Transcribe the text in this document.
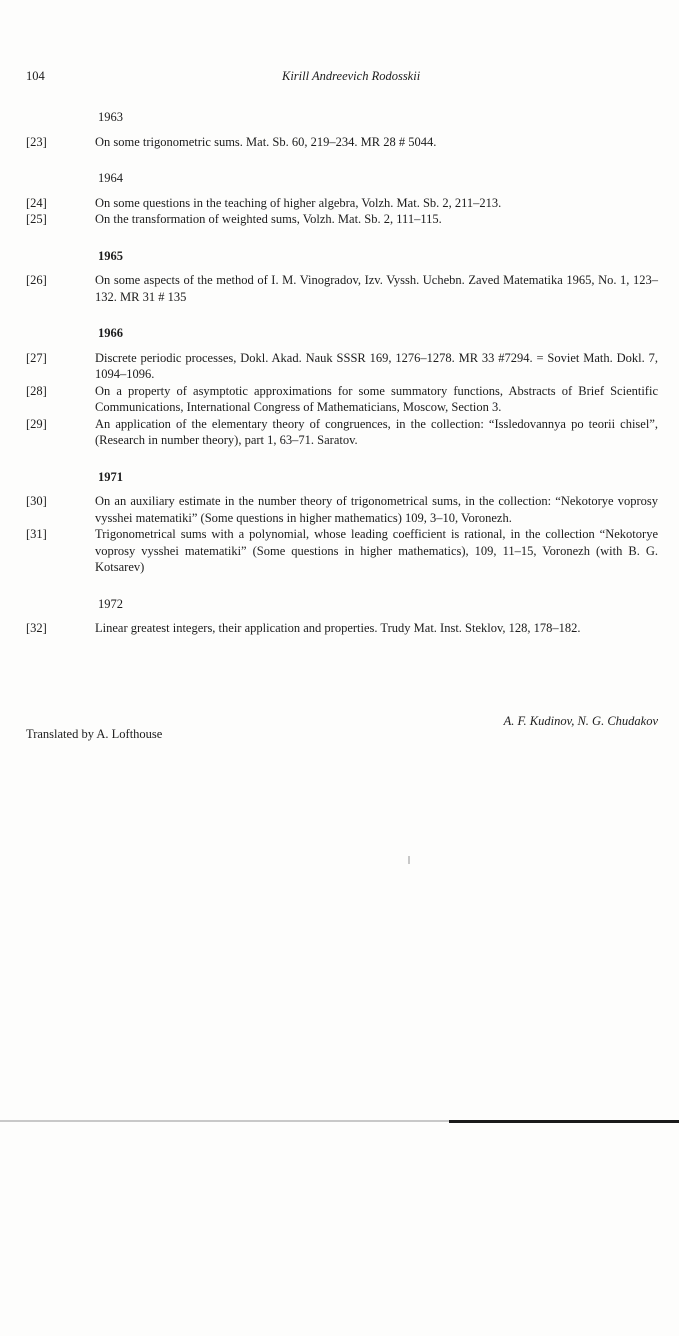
104	Kirill Andreevich Rodosskii
1963
[23]	On some trigonometric sums. Mat. Sb. 60, 219–234. MR 28 # 5044.
1964
[24]	On some questions in the teaching of higher algebra, Volzh. Mat. Sb. 2, 211–213.
[25]	On the transformation of weighted sums, Volzh. Mat. Sb. 2, 111–115.
1965
[26]	On some aspects of the method of I. M. Vinogradov, Izv. Vyssh. Uchebn. Zaved Matematika 1965, No. 1, 123–132. MR 31 # 135
1966
[27]	Discrete periodic processes, Dokl. Akad. Nauk SSSR 169, 1276–1278. MR 33 #7294. = Soviet Math. Dokl. 7, 1094–1096.
[28]	On a property of asymptotic approximations for some summatory functions, Abstracts of Brief Scientific Communications, International Congress of Mathematicians, Moscow, Section 3.
[29]	An application of the elementary theory of congruences, in the collection: “Issledovannya po teorii chisel”, (Research in number theory), part 1, 63–71. Saratov.
1971
[30]	On an auxiliary estimate in the number theory of trigonometrical sums, in the collection: “Nekotorye voprosy vysshei matematiki” (Some questions in higher mathematics) 109, 3–10, Voronezh.
[31]	Trigonometrical sums with a polynomial, whose leading coefficient is rational, in the collection “Nekotorye voprosy vysshei matematiki” (Some questions in higher mathematics), 109, 11–15, Voronezh (with B. G. Kotsarev)
1972
[32]	Linear greatest integers, their application and properties. Trudy Mat. Inst. Steklov, 128, 178–182.
A. F. Kudinov, N. G. Chudakov
Translated by A. Lofthouse
